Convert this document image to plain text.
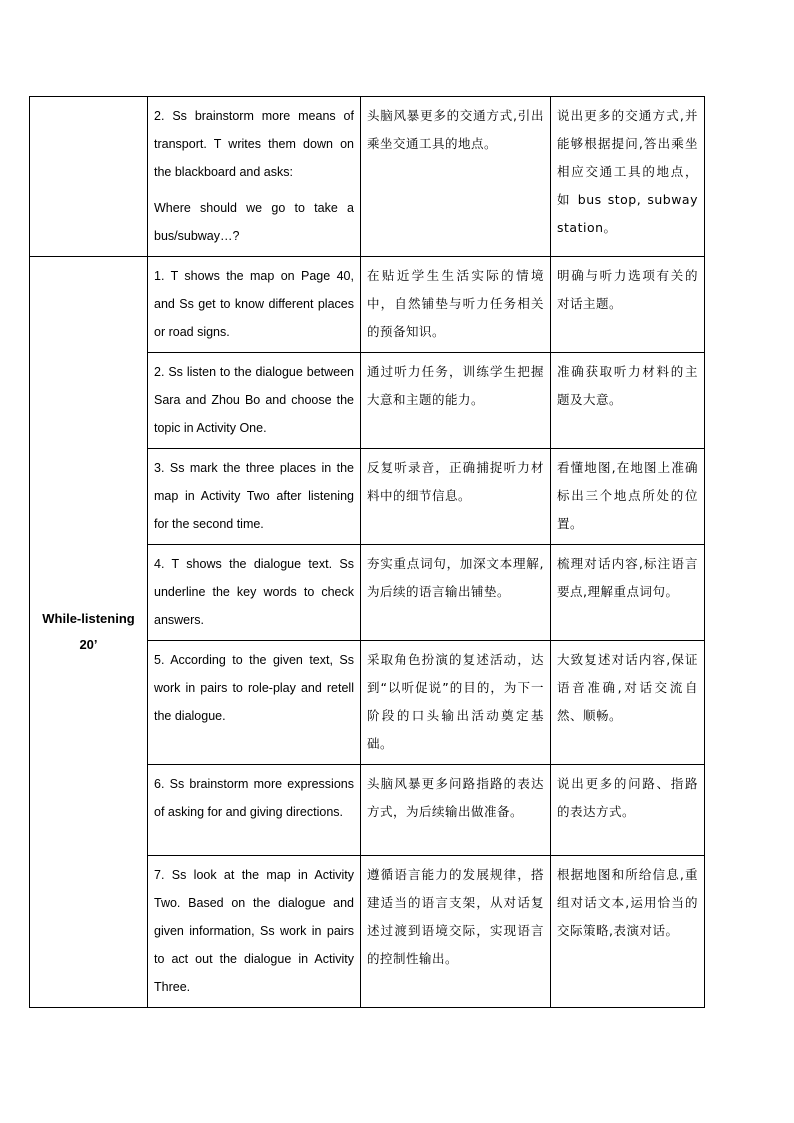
	2. Ss brainstorm more means of transport. T writes them down on the blackboard and asks:

Where should we go to take a bus/subway…?	头脑风暴更多的交通方式,引出乘坐交通工具的地点。	说出更多的交通方式,并能够根据提问,答出乘坐相应交通工具的地点，如 bus stop, subway station。

While-listening
20’	1. T shows the map on Page 40, and Ss get to know different places or road signs.	在贴近学生生活实际的情境中，自然铺垫与听力任务相关的预备知识。	明确与听力选项有关的对话主题。
	2. Ss listen to the dialogue between Sara and Zhou Bo and choose the topic in Activity One.	通过听力任务，训练学生把握大意和主题的能力。	准确获取听力材料的主题及大意。
	3. Ss mark the three places in the map in Activity Two after listening for the second time.	反复听录音，正确捕捉听力材料中的细节信息。	看懂地图,在地图上准确标出三个地点所处的位置。
	4. T shows the dialogue text. Ss underline the key words to check answers.	夯实重点词句，加深文本理解,为后续的语言输出铺垫。	梳理对话内容,标注语言要点,理解重点词句。
	5. According to the given text, Ss work in pairs to role-play and retell the dialogue.	采取角色扮演的复述活动，达到“以听促说”的目的，为下一阶段的口头输出活动奠定基础。	大致复述对话内容,保证语音准确,对话交流自然、顺畅。
	6. Ss brainstorm more expressions of asking for and giving directions.	头脑风暴更多问路指路的表达方式，为后续输出做准备。	说出更多的问路、指路的表达方式。
	7. Ss look at the map in Activity Two. Based on the dialogue and given information, Ss work in pairs to act out the dialogue in Activity Three.	遵循语言能力的发展规律，搭建适当的语言支架，从对话复述过渡到语境交际，实现语言的控制性输出。	根据地图和所给信息,重组对话文本,运用恰当的交际策略,表演对话。
